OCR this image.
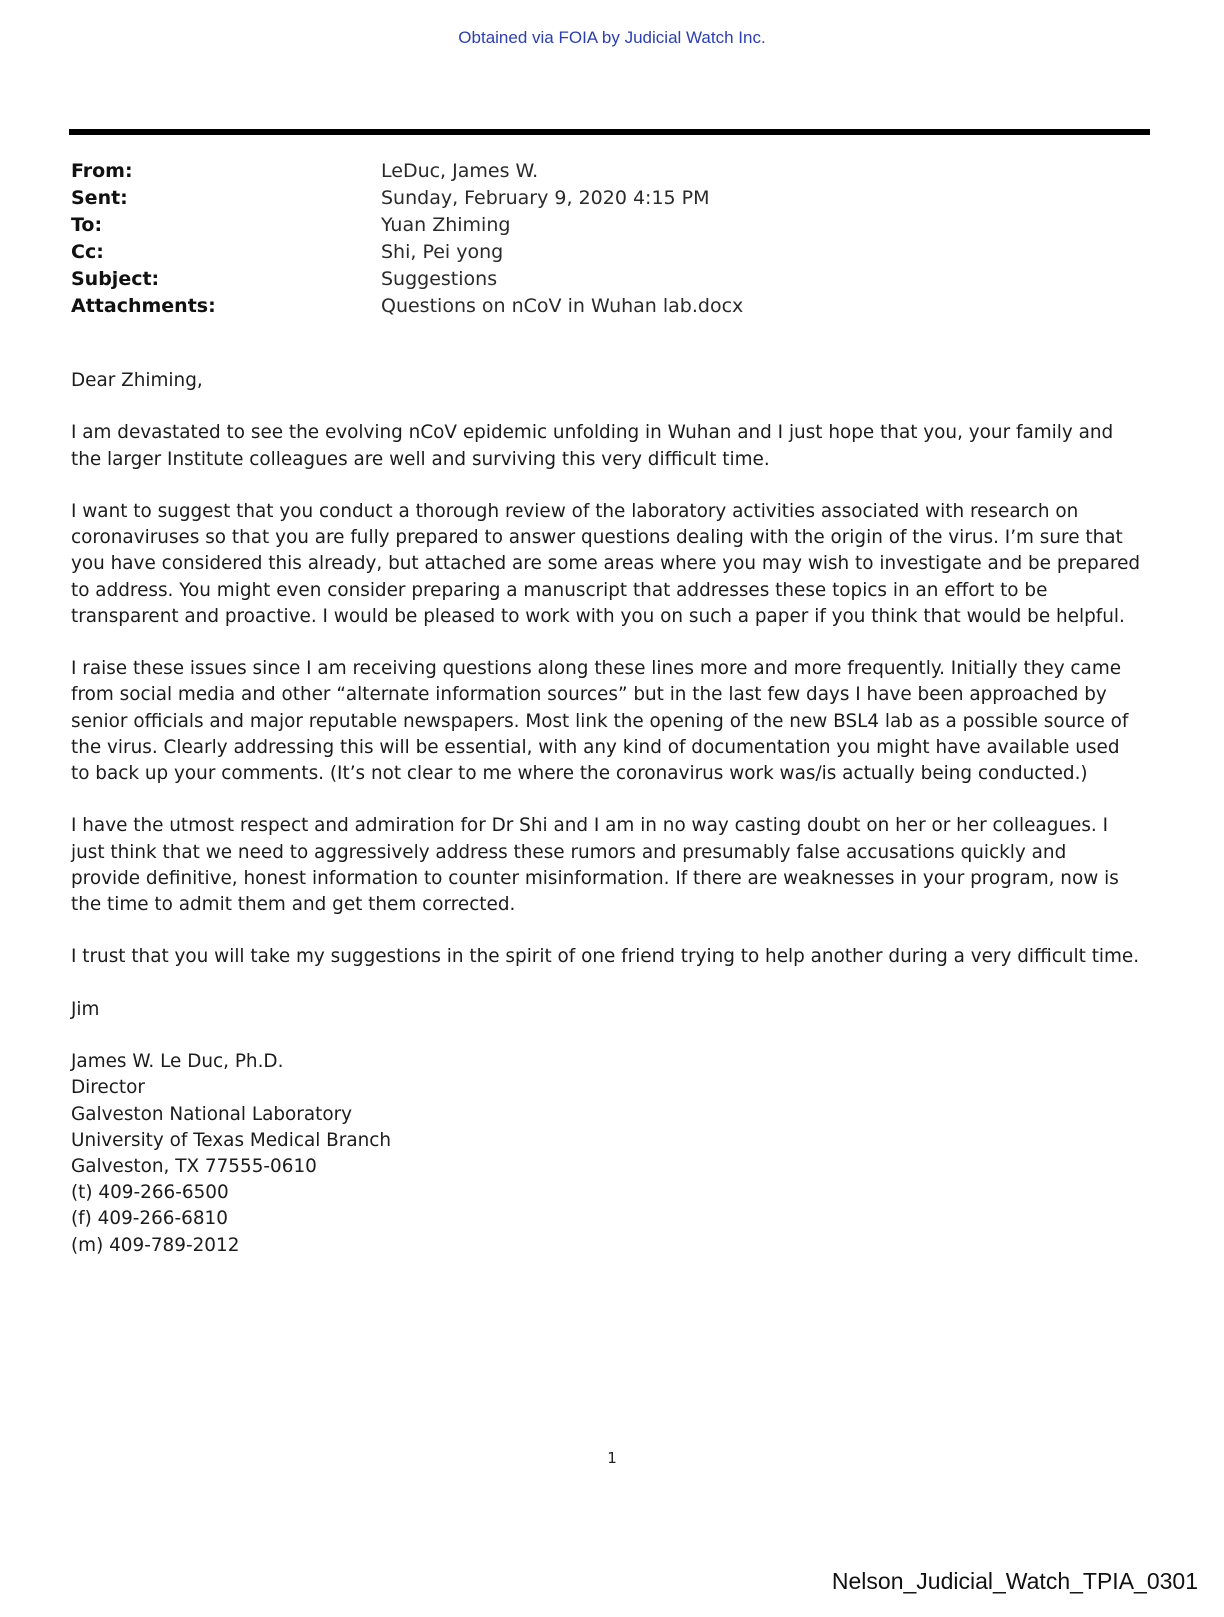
Obtained via FOIA by Judicial Watch Inc.
From:	LeDuc, James W.
Sent:	Sunday, February 9, 2020 4:15 PM
To:	Yuan Zhiming
Cc:	Shi, Pei yong
Subject:	Suggestions
Attachments:	Questions on nCoV in Wuhan lab.docx

Dear Zhiming,

I am devastated to see the evolving nCoV epidemic unfolding in Wuhan and I just hope that you, your family and the larger Institute colleagues are well and surviving this very difficult time.

I want to suggest that you conduct a thorough review of the laboratory activities associated with research on coronaviruses so that you are fully prepared to answer questions dealing with the origin of the virus. I’m sure that you have considered this already, but attached are some areas where you may wish to investigate and be prepared to address. You might even consider preparing a manuscript that addresses these topics in an effort to be transparent and proactive. I would be pleased to work with you on such a paper if you think that would be helpful.

I raise these issues since I am receiving questions along these lines more and more frequently. Initially they came from social media and other “alternate information sources” but in the last few days I have been approached by senior officials and major reputable newspapers. Most link the opening of the new BSL4 lab as a possible source of the virus. Clearly addressing this will be essential, with any kind of documentation you might have available used to back up your comments. (It’s not clear to me where the coronavirus work was/is actually being conducted.)

I have the utmost respect and admiration for Dr Shi and I am in no way casting doubt on her or her colleagues. I just think that we need to aggressively address these rumors and presumably false accusations quickly and provide definitive, honest information to counter misinformation. If there are weaknesses in your program, now is the time to admit them and get them corrected.

I trust that you will take my suggestions in the spirit of one friend trying to help another during a very difficult time.

Jim

James W. Le Duc, Ph.D.
Director
Galveston National Laboratory
University of Texas Medical Branch
Galveston, TX 77555-0610
(t) 409-266-6500
(f) 409-266-6810
(m) 409-789-2012
1
Nelson_Judicial_Watch_TPIA_0301
